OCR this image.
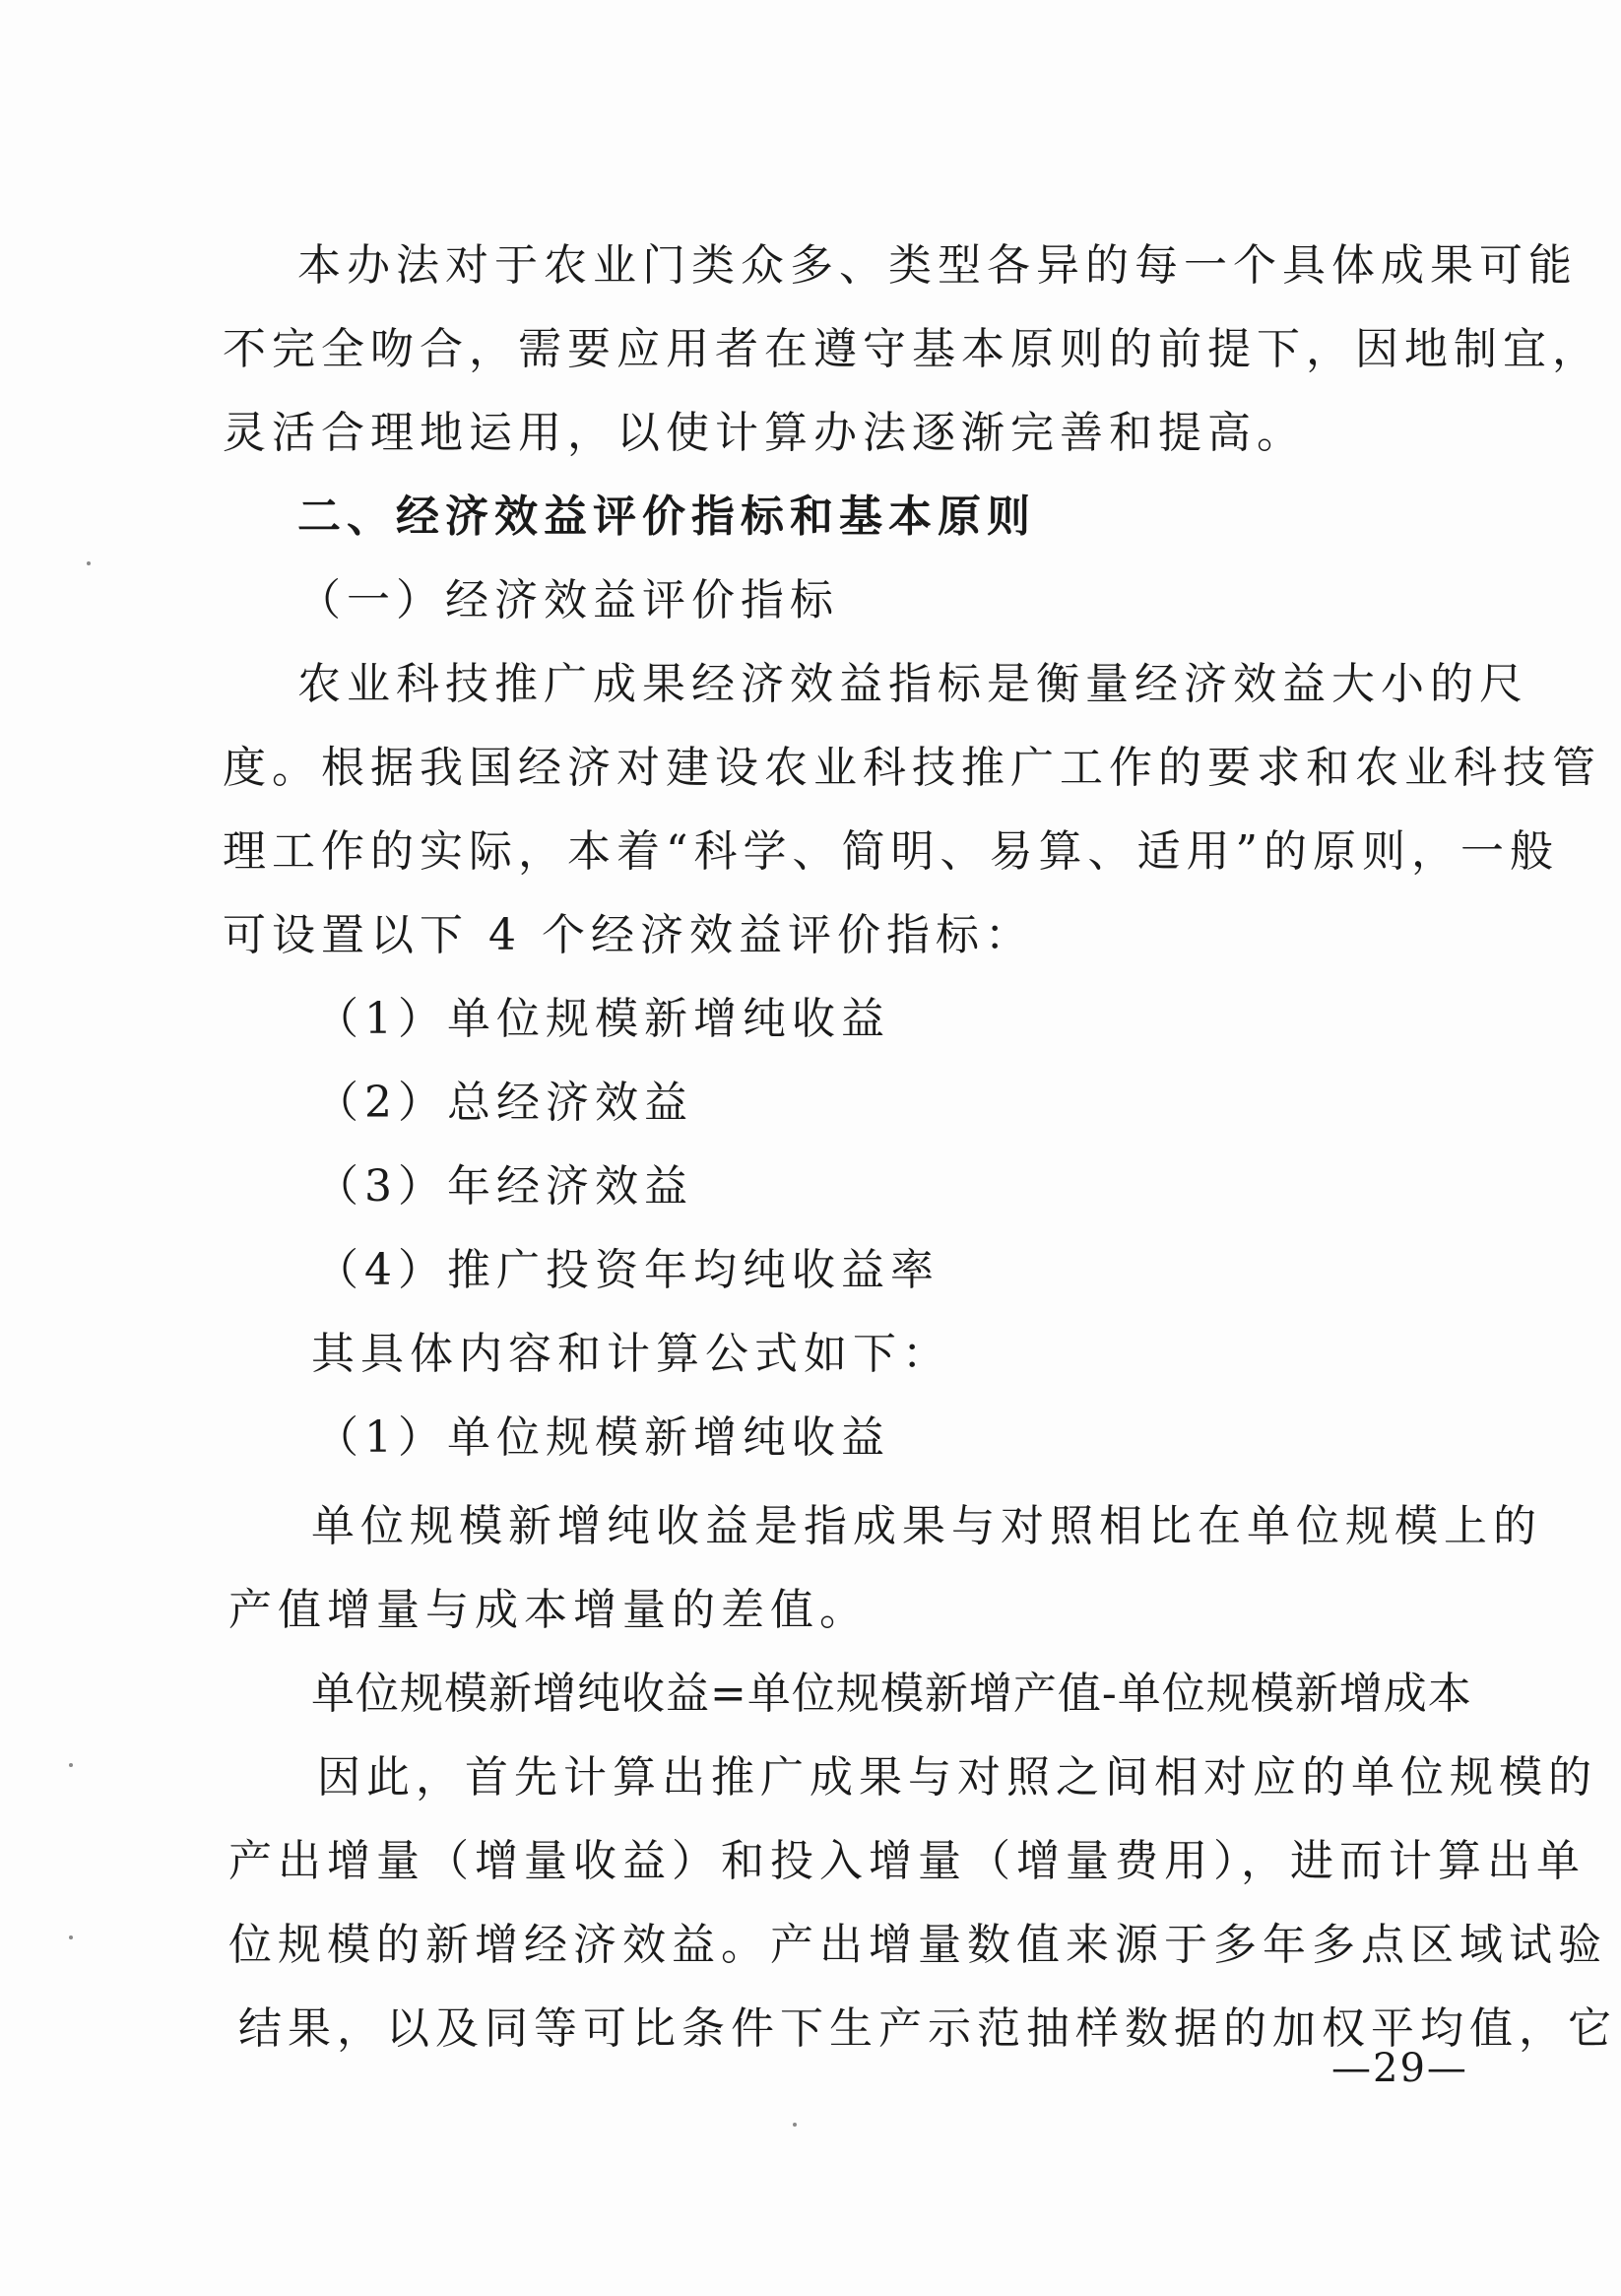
本办法对于农业门类众多、类型各异的每一个具体成果可能
不完全吻合，需要应用者在遵守基本原则的前提下，因地制宜，
灵活合理地运用，以使计算办法逐渐完善和提高。
二、经济效益评价指标和基本原则
（一）经济效益评价指标
农业科技推广成果经济效益指标是衡量经济效益大小的尺
度。根据我国经济对建设农业科技推广工作的要求和农业科技管
理工作的实际，本着“科学、简明、易算、适用”的原则，一般
可设置以下 4 个经济效益评价指标：
（1）单位规模新增纯收益
（2）总经济效益
（3）年经济效益
（4）推广投资年均纯收益率
其具体内容和计算公式如下：
（1）单位规模新增纯收益
单位规模新增纯收益是指成果与对照相比在单位规模上的
产值增量与成本增量的差值。
单位规模新增纯收益=单位规模新增产值-单位规模新增成本
因此，首先计算出推广成果与对照之间相对应的单位规模的
产出增量（增量收益）和投入增量（增量费用），进而计算出单
位规模的新增经济效益。产出增量数值来源于多年多点区域试验
结果，以及同等可比条件下生产示范抽样数据的加权平均值，它
—29—
